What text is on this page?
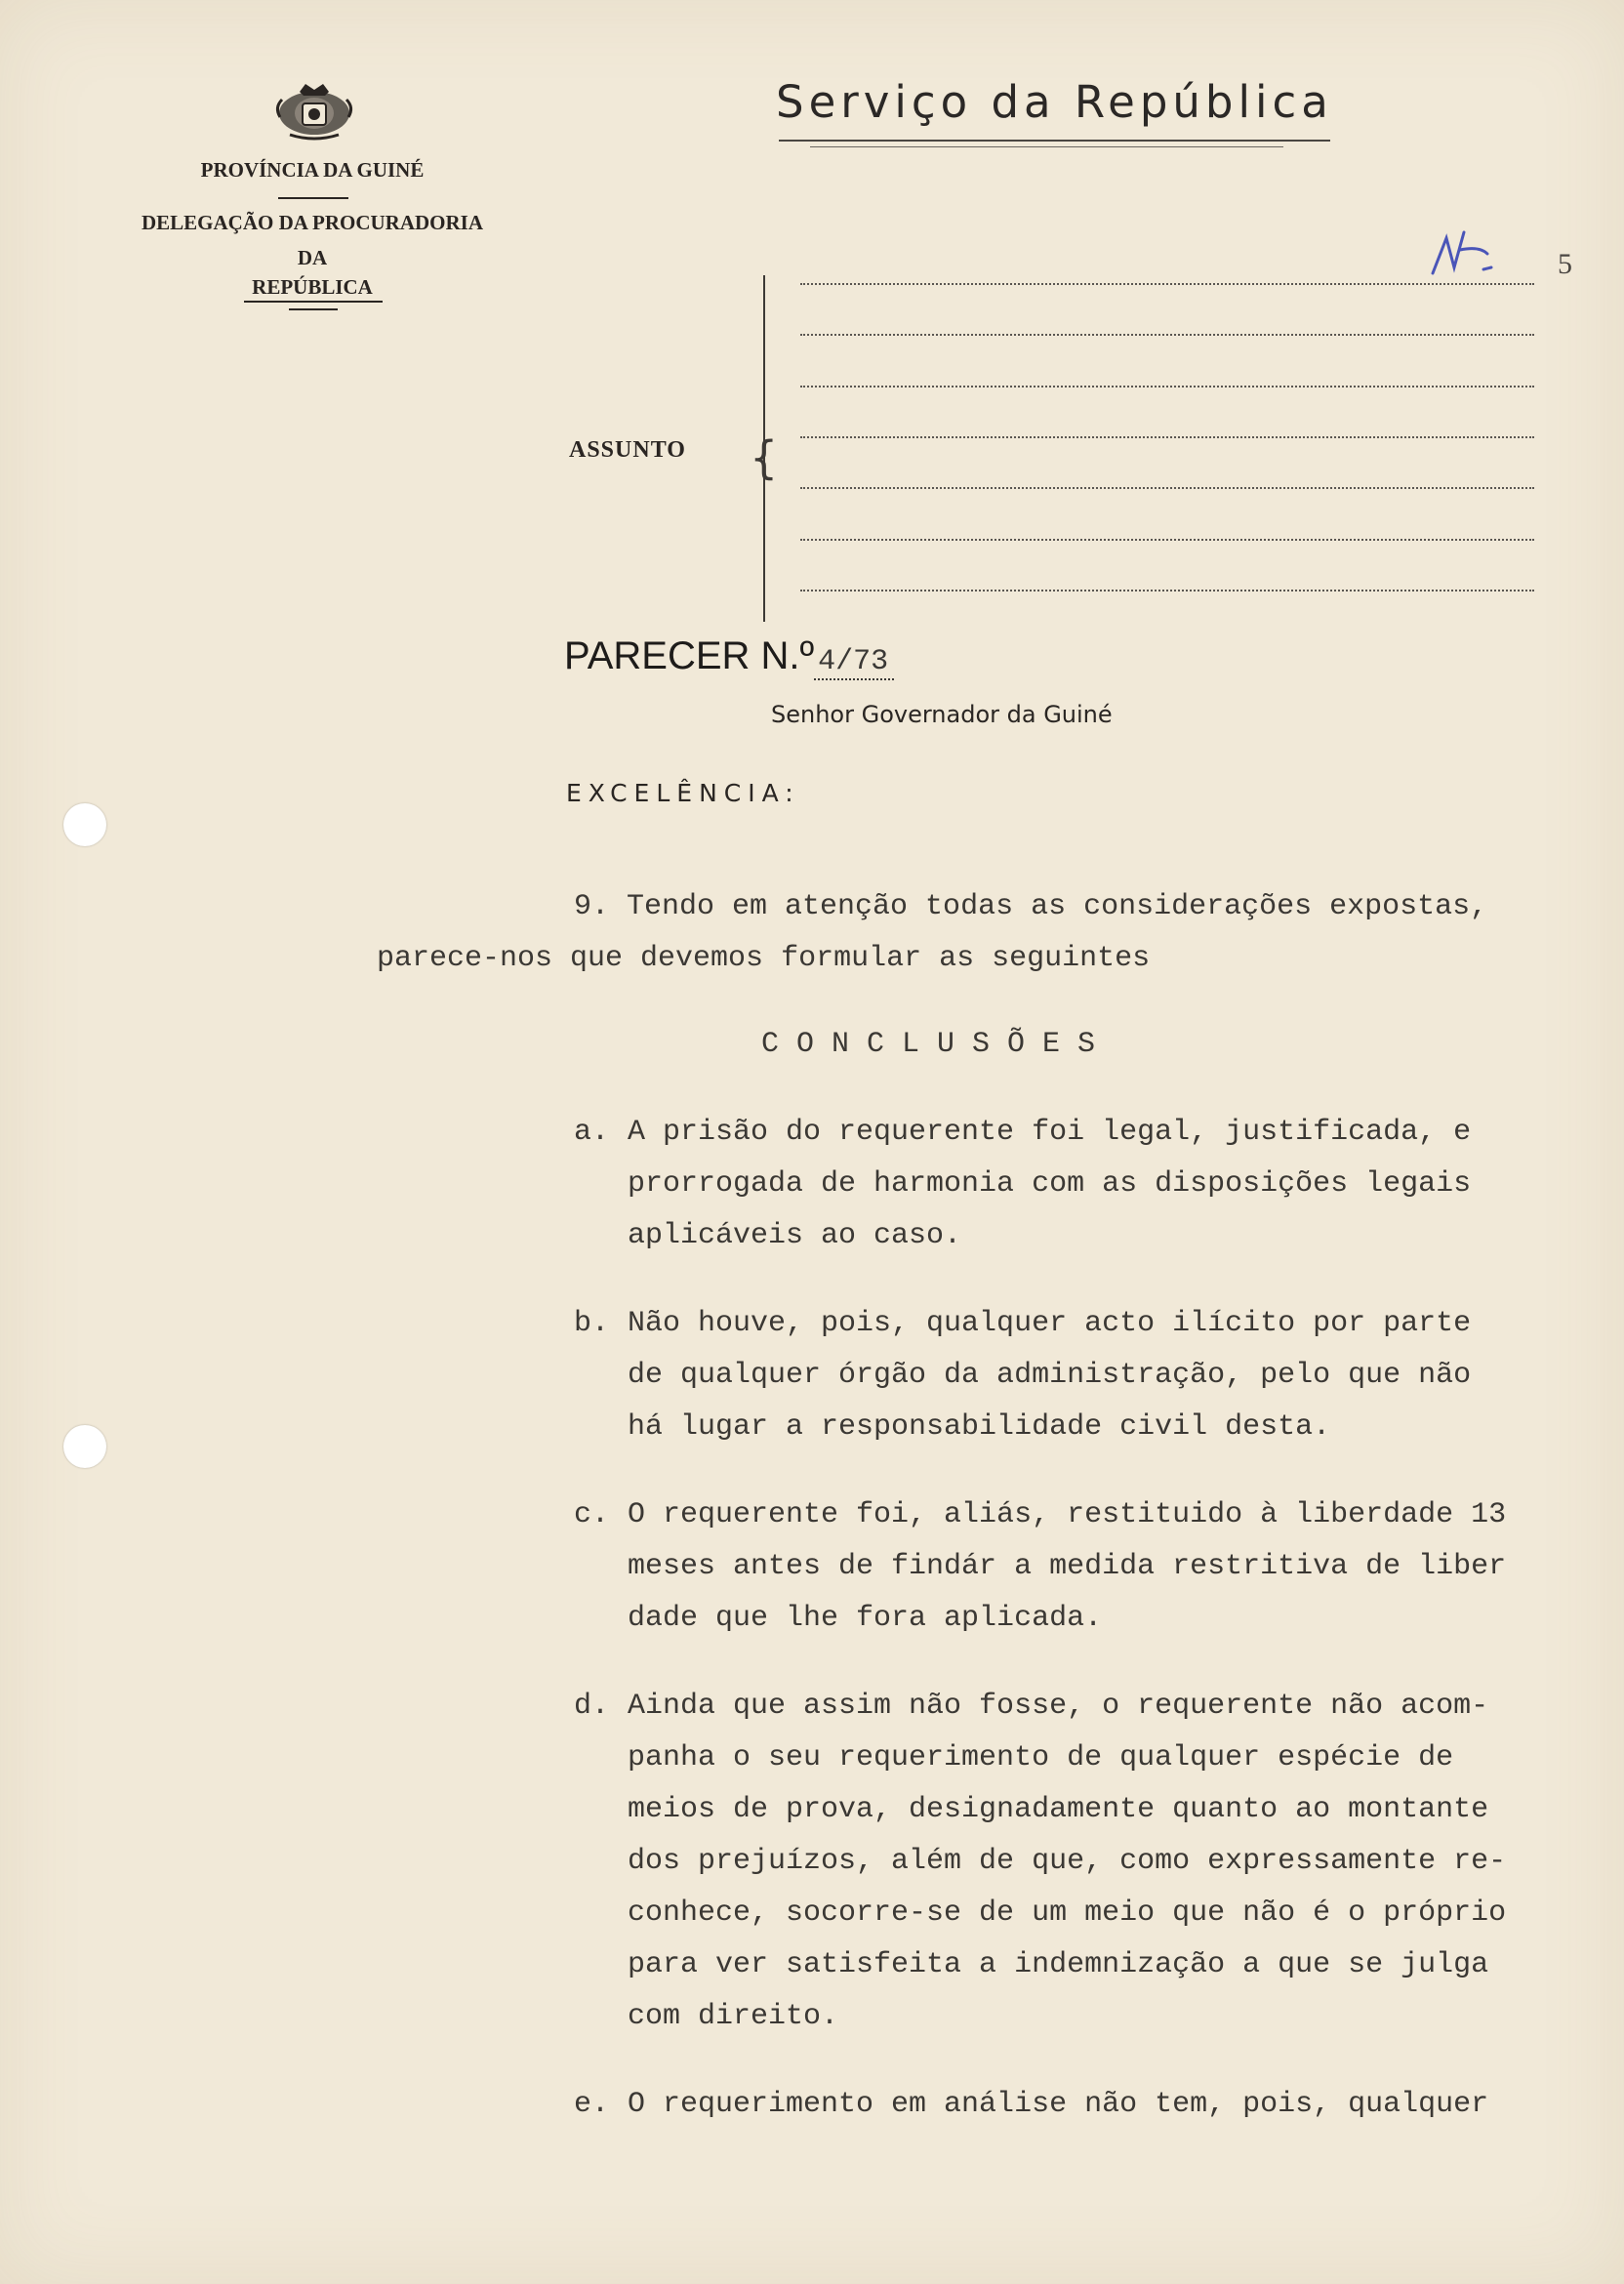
PROVÍNCIA DA GUINÉ
DELEGAÇÃO DA PROCURADORIA
DA
REPÚBLICA
Serviço da República
5
ASSUNTO {
PARECER N.º 4/73
Senhor Governador da Guiné
EXCELÊNCIA:
9. Tendo em atenção todas as considerações expostas,
parece-nos que devemos formular as seguintes
C O N C L U S Õ E S
a. A prisão do requerente foi legal, justificada, e
prorrogada de harmonia com as disposições legais
aplicáveis ao caso.
b. Não houve, pois, qualquer acto ilícito por parte
de qualquer órgão da administração, pelo que não
há lugar a responsabilidade civil desta.
c. O requerente foi, aliás, restituido à liberdade 13
meses antes de findár a medida restritiva de liber
dade que lhe fora aplicada.
d. Ainda que assim não fosse, o requerente não acom-
panha o seu requerimento de qualquer espécie de
meios de prova, designadamente quanto ao montante
dos prejuízos, além de que, como expressamente re-
conhece, socorre-se de um meio que não é o próprio
para ver satisfeita a indemnização a que se julga
com direito.
e. O requerimento em análise não tem, pois, qualquer
